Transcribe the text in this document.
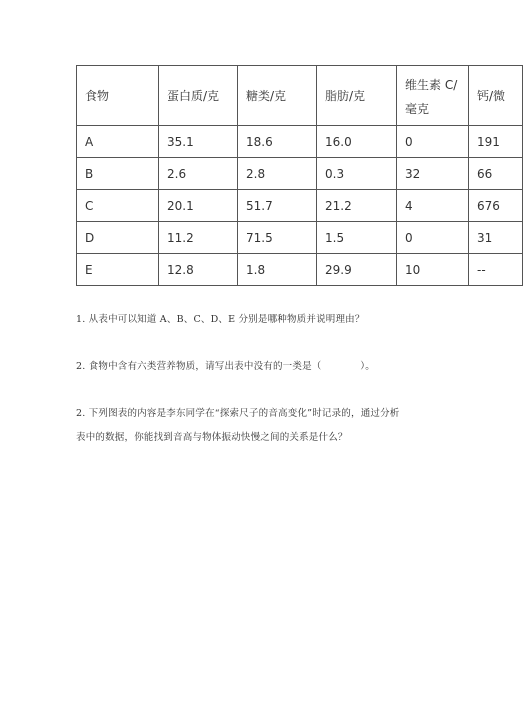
食物	蛋白质/克	糖类/克	脂肪/克	维生素 C/毫克	钙/微
A	35.1	18.6	16.0	0	191
B	2.6	2.8	0.3	32	66
C	20.1	51.7	21.2	4	676
D	11.2	71.5	1.5	0	31
E	12.8	1.8	29.9	10	--
1. 从表中可以知道 A、B、C、D、E 分别是哪种物质并说明理由？
2. 食物中含有六类营养物质，请写出表中没有的一类是（　　　　）。
2. 下列图表的内容是李东同学在“探索尺子的音高变化”时记录的，通过分析
表中的数据，你能找到音高与物体振动快慢之间的关系是什么？
